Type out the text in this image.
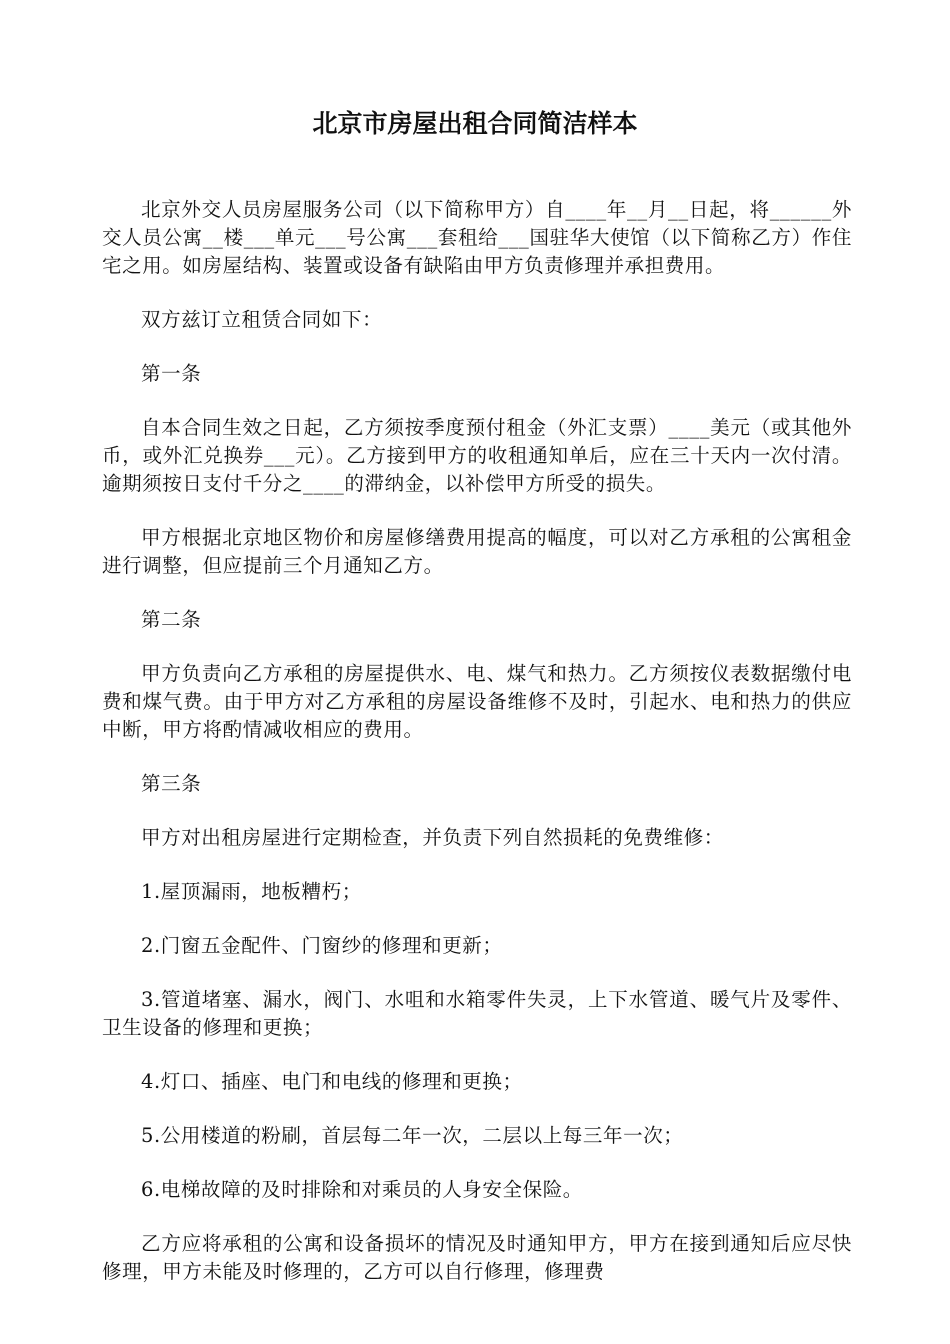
北京市房屋出租合同简洁样本

北京外交人员房屋服务公司（以下简称甲方）自____年__月__日起，将______外交人员公寓__楼___单元___号公寓___套租给___国驻华大使馆（以下简称乙方）作住宅之用。如房屋结构、装置或设备有缺陷由甲方负责修理并承担费用。

双方兹订立租赁合同如下：

第一条

自本合同生效之日起，乙方须按季度预付租金（外汇支票）____美元（或其他外币，或外汇兑换券___元）。乙方接到甲方的收租通知单后，应在三十天内一次付清。逾期须按日支付千分之____的滞纳金，以补偿甲方所受的损失。

甲方根据北京地区物价和房屋修缮费用提高的幅度，可以对乙方承租的公寓租金进行调整，但应提前三个月通知乙方。

第二条

甲方负责向乙方承租的房屋提供水、电、煤气和热力。乙方须按仪表数据缴付电费和煤气费。由于甲方对乙方承租的房屋设备维修不及时，引起水、电和热力的供应中断，甲方将酌情减收相应的费用。

第三条

甲方对出租房屋进行定期检查，并负责下列自然损耗的免费维修：

1.屋顶漏雨，地板糟朽；

2.门窗五金配件、门窗纱的修理和更新；

3.管道堵塞、漏水，阀门、水咀和水箱零件失灵，上下水管道、暖气片及零件、卫生设备的修理和更换；

4.灯口、插座、电门和电线的修理和更换；

5.公用楼道的粉刷，首层每二年一次，二层以上每三年一次；

6.电梯故障的及时排除和对乘员的人身安全保险。

乙方应将承租的公寓和设备损坏的情况及时通知甲方，甲方在接到通知后应尽快修理，甲方未能及时修理的，乙方可以自行修理，修理费
